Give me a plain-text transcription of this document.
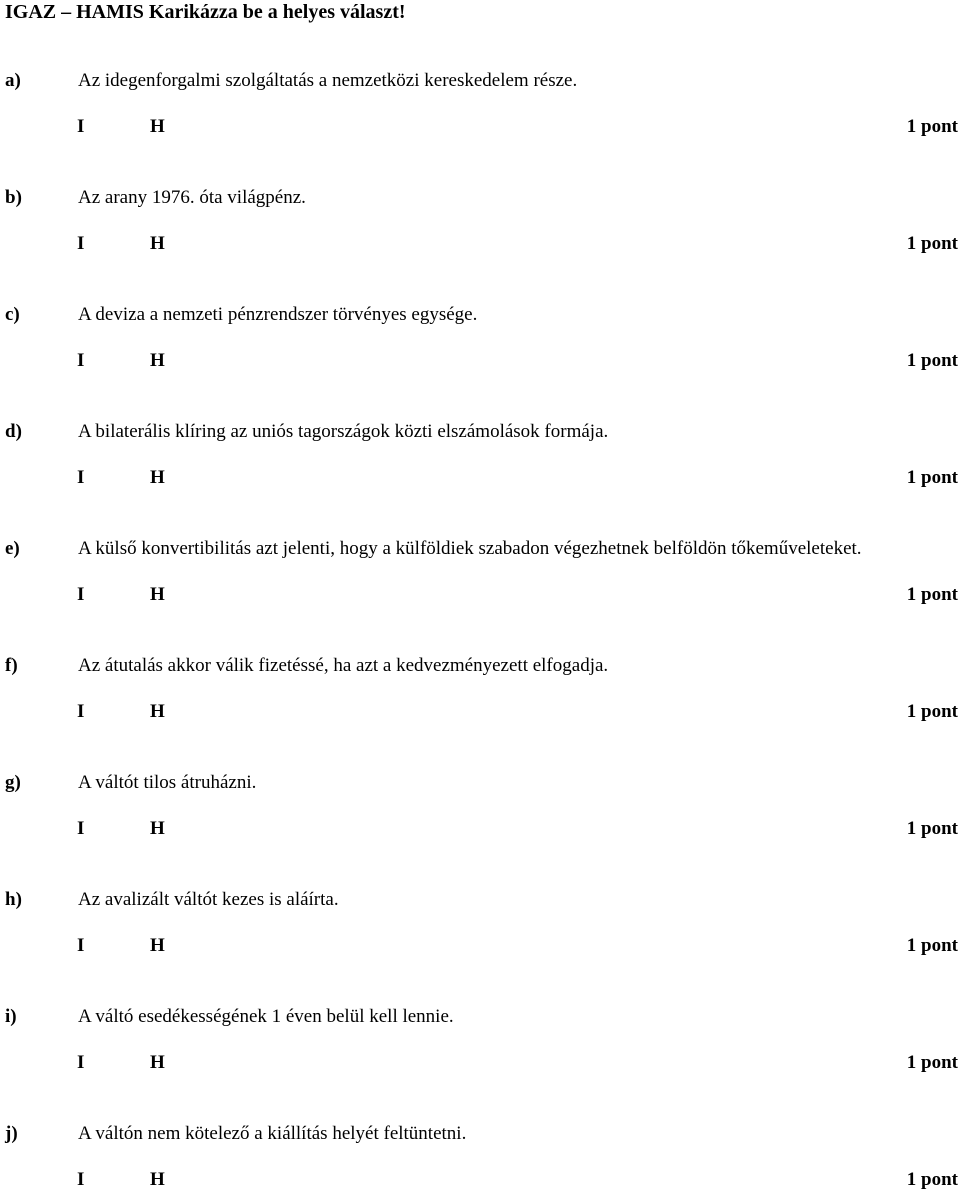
IGAZ – HAMIS Karikázza be a helyes választ!
a)	Az idegenforgalmi szolgáltatás a nemzetközi kereskedelem része.
I	H	1 pont
b)	Az arany 1976. óta világpénz.
I	H	1 pont
c)	A deviza a nemzeti pénzrendszer törvényes egysége.
I	H	1 pont
d)	A bilaterális klíring az uniós tagországok közti elszámolások formája.
I	H	1 pont
e)	A külső konvertibilitás azt jelenti, hogy a külföldiek szabadon végezhetnek belföldön tőkeműveleteket.
I	H	1 pont
f)	Az átutalás akkor válik fizetéssé, ha azt a kedvezményezett elfogadja.
I	H	1 pont
g)	A váltót tilos átruházni.
I	H	1 pont
h)	Az avalizált váltót kezes is aláírta.
I	H	1 pont
i)	A váltó esedékességének 1 éven belül kell lennie.
I	H	1 pont
j)	A váltón nem kötelező a kiállítás helyét feltüntetni.
I	H	1 pont
